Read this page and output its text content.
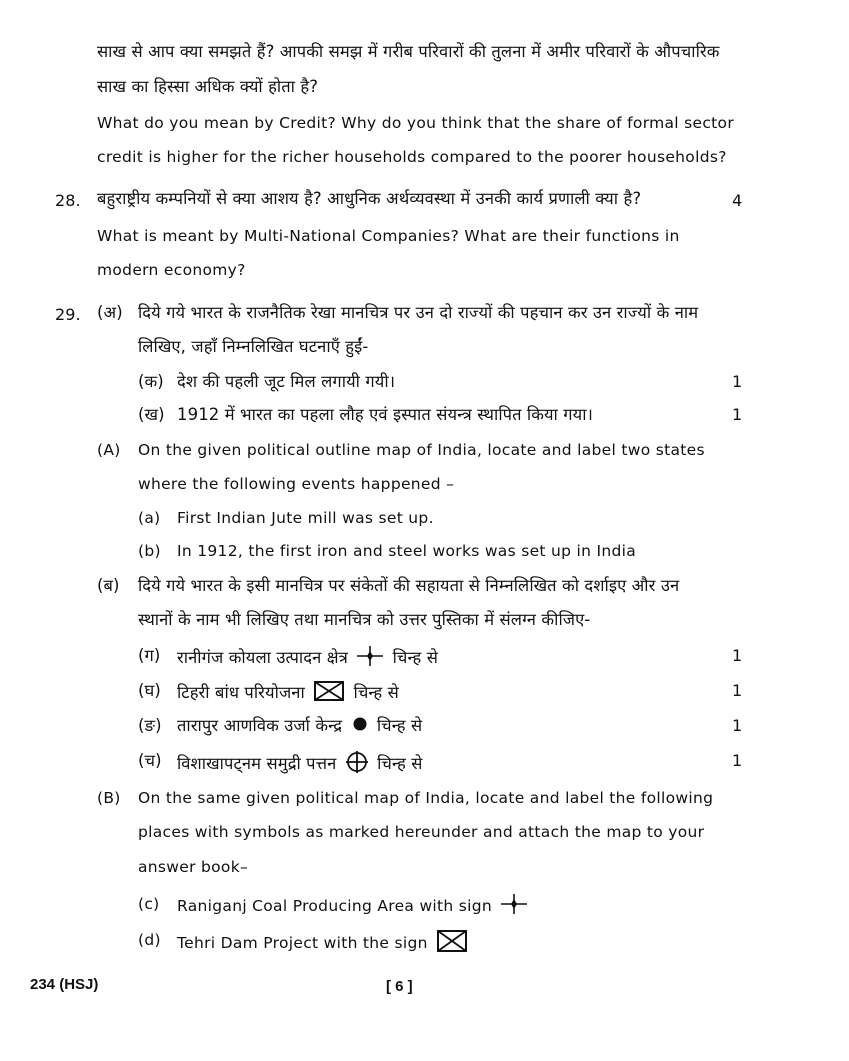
साख से आप क्या समझते हैं? आपकी समझ में गरीब परिवारों की तुलना में अमीर परिवारों के औपचारिक
साख का हिस्सा अधिक क्यों होता है?
What do you mean by Credit? Why do you think that the share of formal sector
credit is higher for the richer households compared to the poorer households?
28. बहुराष्ट्रीय कम्पनियों से क्या आशय है? आधुनिक अर्थव्यवस्था में उनकी कार्य प्रणाली क्या है?	4
What is meant by Multi-National Companies? What are their functions in
modern economy?
29. (अ) दिये गये भारत के राजनैतिक रेखा मानचित्र पर उन दो राज्यों की पहचान कर उन राज्यों के नाम
लिखिए, जहाँ निम्नलिखित घटनाएँ हुईं-
(क) देश की पहली जूट मिल लगायी गयी।	1
(ख) 1912 में भारत का पहला लौह एवं इस्पात संयन्त्र स्थापित किया गया।	1
(A) On the given political outline map of India, locate and label two states
where the following events happened –
(a) First Indian Jute mill was set up.
(b) In 1912, the first iron and steel works was set up in India
(ब) दिये गये भारत के इसी मानचित्र पर संकेतों की सहायता से निम्नलिखित को दर्शाइए और उन
स्थानों के नाम भी लिखिए तथा मानचित्र को उत्तर पुस्तिका में संलग्न कीजिए-
(ग) रानीगंज कोयला उत्पादन क्षेत्र	चिन्ह से	1
(घ) टिहरी बांध परियोजना	चिन्ह से	1
(ङ) तारापुर आणविक उर्जा केन्द्र चिन्ह से	1
(च) विशाखापट्नम समुद्री पत्तन चिन्ह से	1
(B) On the same given political map of India, locate and label the following
places with symbols as marked hereunder and attach the map to your
answer book–
(c) Raniganj Coal Producing Area with sign
(d) Tehri Dam Project with the sign
234 (HSJ)	[ 6 ]
